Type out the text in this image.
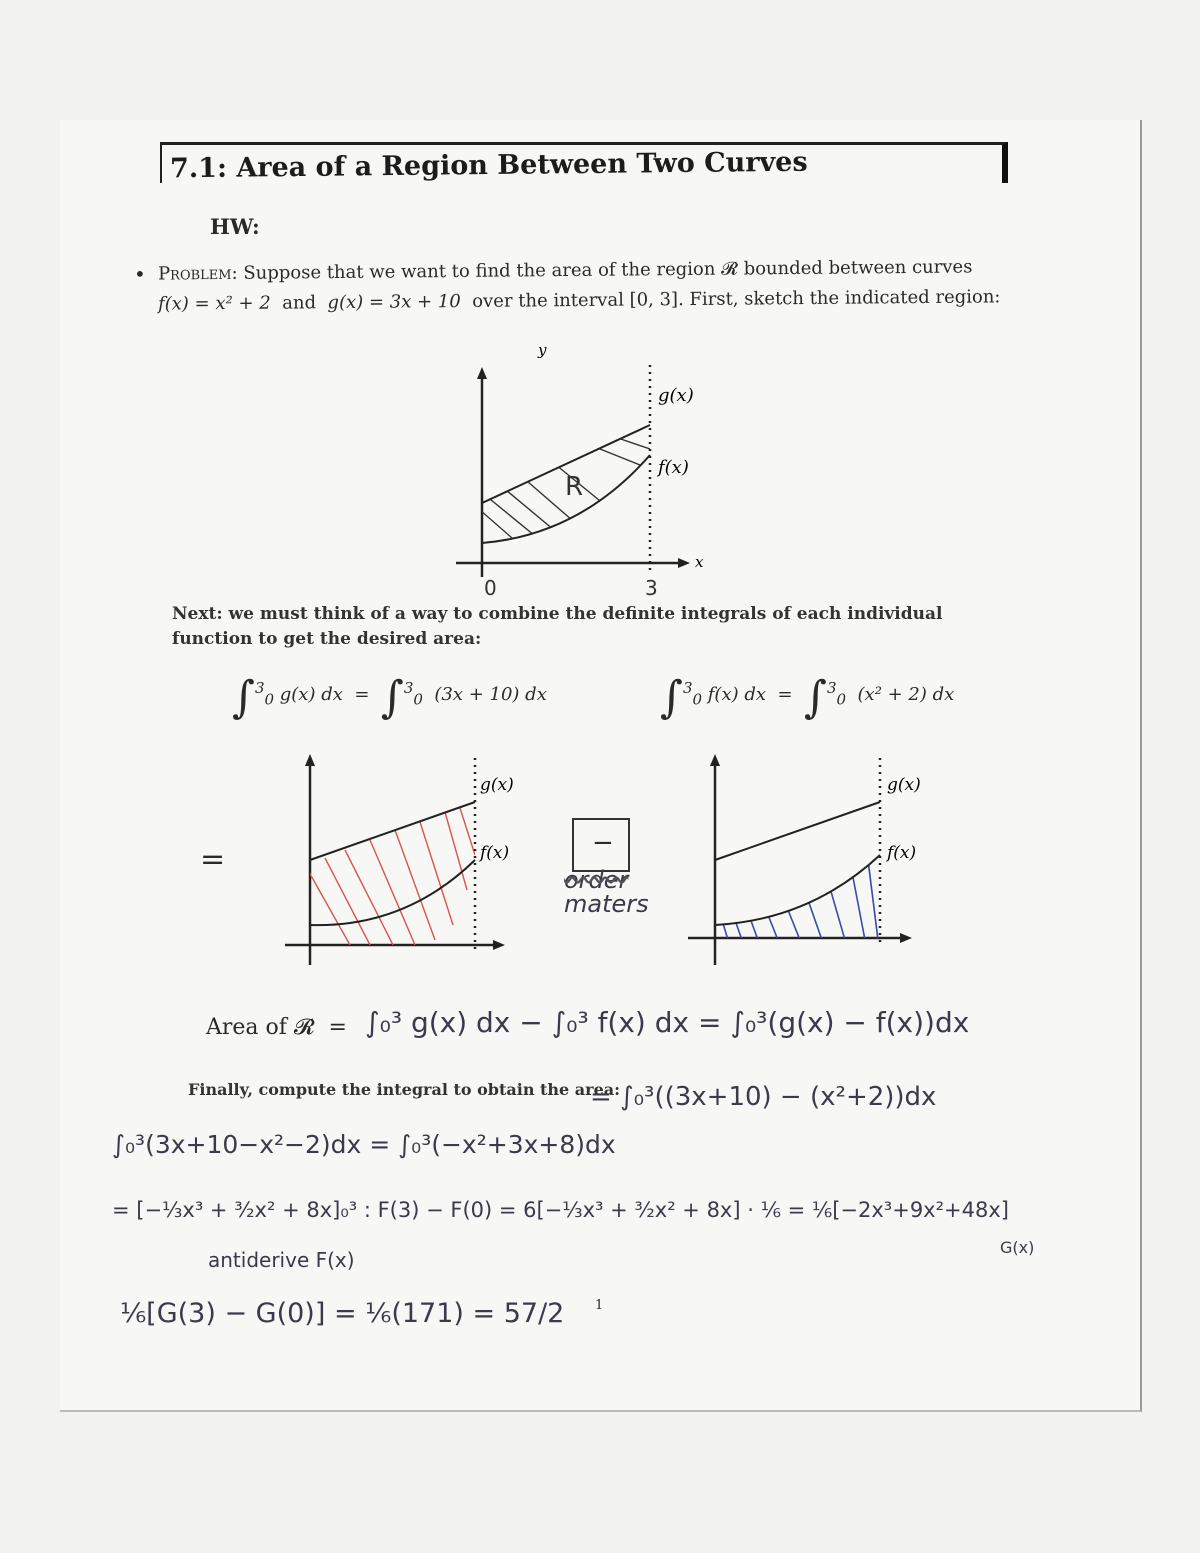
7.1: Area of a Region Between Two Curves
HW:
• Problem: Suppose that we want to find the area of the region 𝓡 bounded between curves
f(x) = x² + 2 and g(x) = 3x + 10 over the interval [0, 3]. First, sketch the indicated region:
y
x
g(x)
f(x)
R
0	3
Next: we must think of a way to combine the definite integrals of each individual function to get the desired area:
∫$^3_0$ g(x) dx = ∫$^3_0$ (3x + 10) dx	∫$^3_0$ f(x) dx = ∫$^3_0$ (x² + 2) dx
=
g(x)
f(x)	−
order
maters
g(x)
f(x)
Area of 𝓡 = ∫₀³ g(x) dx − ∫₀³ f(x) dx = ∫₀³(g(x) − f(x))dx
Finally, compute the integral to obtain the area:
= ∫₀³((3x+10) − (x²+2))dx
∫₀³(3x+10−x²−2)dx = ∫₀³(−x²+3x+8)dx
= [−⅓x³ + ³⁄₂x² + 8x]₀³ : F(3) − F(0) = 6[−⅓x³ + ³⁄₂x² + 8x] · ⅙ = ⅙[−2x³+9x²+48x]
antiderive F(x)
G(x)
⅙[G(3) − G(0)] = ⅙(171) = 57/2 1
